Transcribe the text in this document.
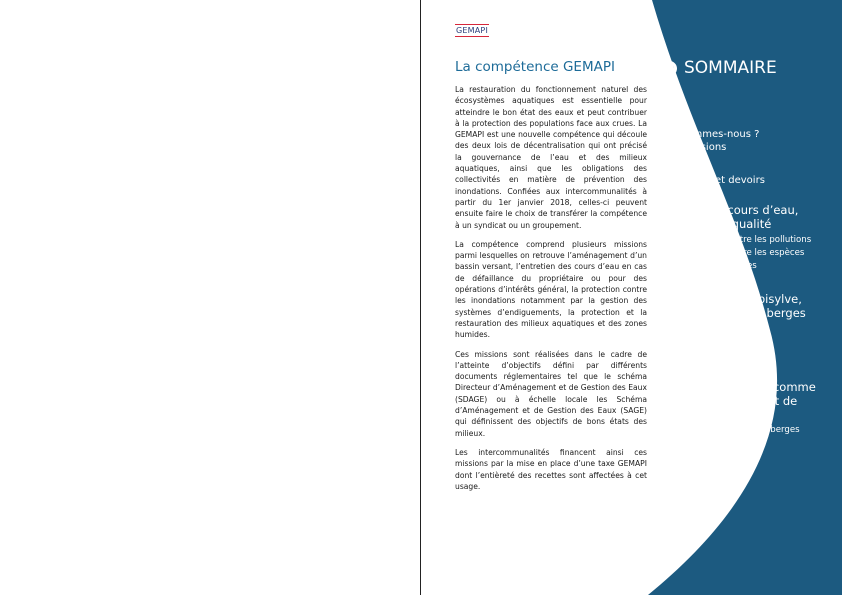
GEMAPI
La compétence GEMAPI

La restauration du fonctionnement naturel des écosystèmes aquatiques est essentielle pour atteindre le bon état des eaux et peut contribuer à la protection des populations face aux crues. La GEMAPI est une nouvelle compétence qui découle des deux lois de décentralisation qui ont précisé la gouvernance de l’eau et des milieux aquatiques, ainsi que les obligations des collectivités en matière de prévention des inondations. Confiées aux intercommunalités à partir du 1er janvier 2018, celles-ci peuvent ensuite faire le choix de transférer la compétence à un syndicat ou un groupement.

La compétence comprend plusieurs missions parmi lesquelles on retrouve l’aménagement d’un bassin versant, l’entretien des cours d’eau en cas de défaillance du propriétaire ou pour des opérations d’intérêts général, la protection contre les inondations notamment par la gestion des systèmes d’endiguements, la protection et la restauration des milieux aquatiques et des zones humides.

Ces missions sont réalisées dans le cadre de l’atteinte d’objectifs défini par différents documents réglementaires tel que le schéma Directeur d’Aménagement et de Gestion des Eaux (SDAGE) ou à échelle locale les Schéma d’Aménagement et de Gestion des Eaux (SAGE) qui définissent des objectifs de bons états des milieux.

Les intercommunalités financent ainsi ces missions par la mise en place d’une taxe GEMAPI dont l’entièreté des recettes sont affectées à cet usage.

SOMMAIRE
Qui sommes-nous ?
Nos missions
Vos droits et devoirs
L’eau du cours d’eau,
de bonne qualité
~ Lutter contre les pollutions
~ Lutter contre les espèces
envahissantes
Entretenir la ripisylve,
végétation des berges
~ Connaître
~ Agir
~ Observer
Le cours d’eau comme
source de vie et de
dynamisme
~ Améliorer les berges
Glossaire
